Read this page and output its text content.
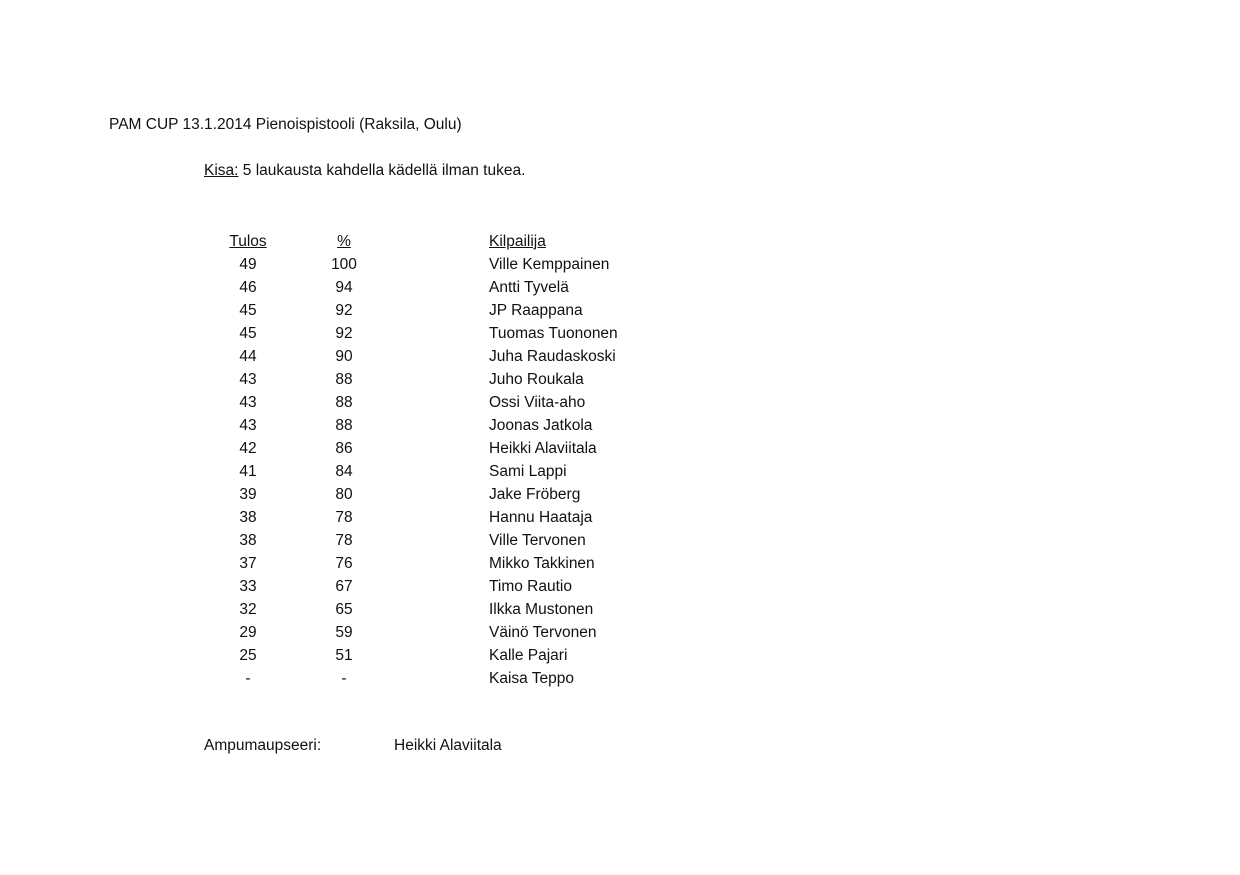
PAM CUP 13.1.2014 Pienoispistooli (Raksila, Oulu)
Kisa: 5 laukausta kahdella kädellä ilman tukea.
Tulos	%	Kilpailija
49	100	Ville Kemppainen
46	94	Antti Tyvelä
45	92	JP Raappana
45	92	Tuomas Tuononen
44	90	Juha Raudaskoski
43	88	Juho Roukala
43	88	Ossi Viita-aho
43	88	Joonas Jatkola
42	86	Heikki Alaviitala
41	84	Sami Lappi
39	80	Jake Fröberg
38	78	Hannu Haataja
38	78	Ville Tervonen
37	76	Mikko Takkinen
33	67	Timo Rautio
32	65	Ilkka Mustonen
29	59	Väinö Tervonen
25	51	Kalle Pajari
-	-	Kaisa Teppo
Ampumaupseeri:	Heikki Alaviitala
